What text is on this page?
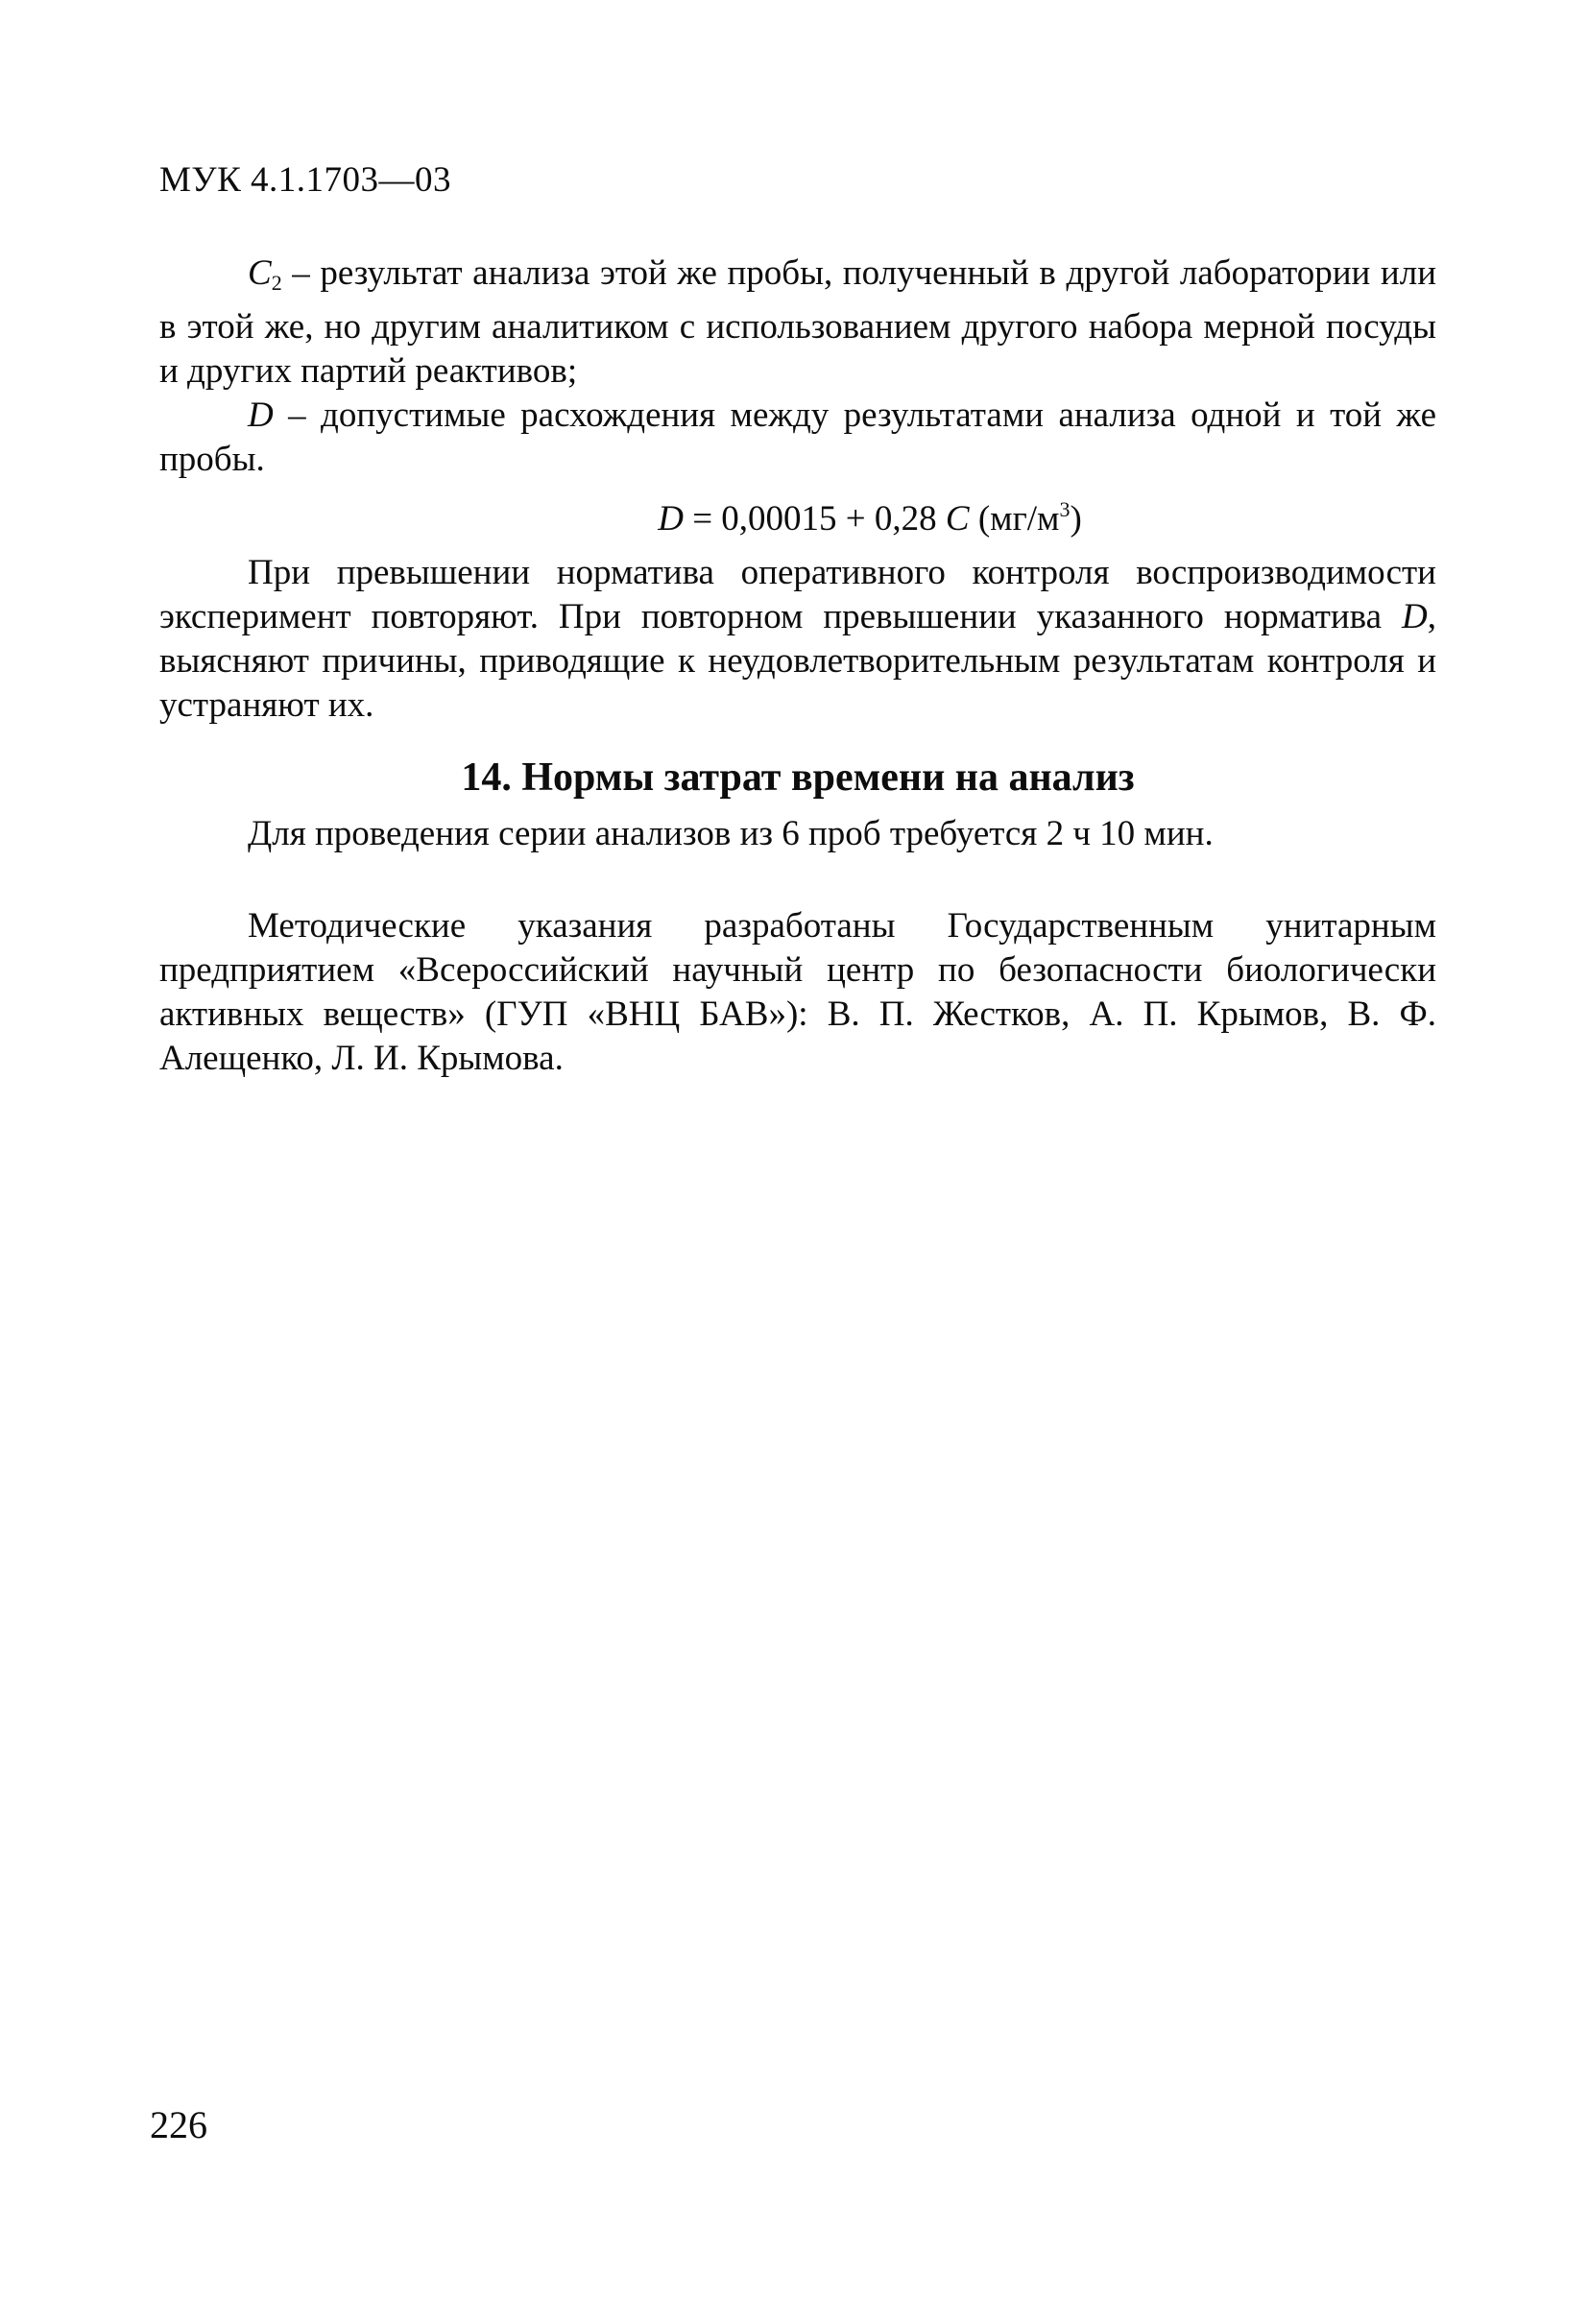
МУК 4.1.1703—03

$C_2$ – результат анализа этой же пробы, полученный в другой лаборатории или в этой же, но другим аналитиком с использованием другого набора мерной посуды и других партий реактивов;

D – допустимые расхождения между результатами анализа одной и той же пробы.

D = 0,00015 + 0,28 C $(мг/м^3)$

При превышении норматива оперативного контроля воспроизводимости эксперимент повторяют. При повторном превышении указанного норматива D, выясняют причины, приводящие к неудовлетворительным результатам контроля и устраняют их.

14. Нормы затрат времени на анализ

Для проведения серии анализов из 6 проб требуется 2 ч 10 мин.

Методические указания разработаны Государственным унитарным предприятием «Всероссийский научный центр по безопасности биологически активных веществ» (ГУП «ВНЦ БАВ»): В. П. Жестков, А. П. Крымов, В. Ф. Алещенко, Л. И. Крымова.

226
